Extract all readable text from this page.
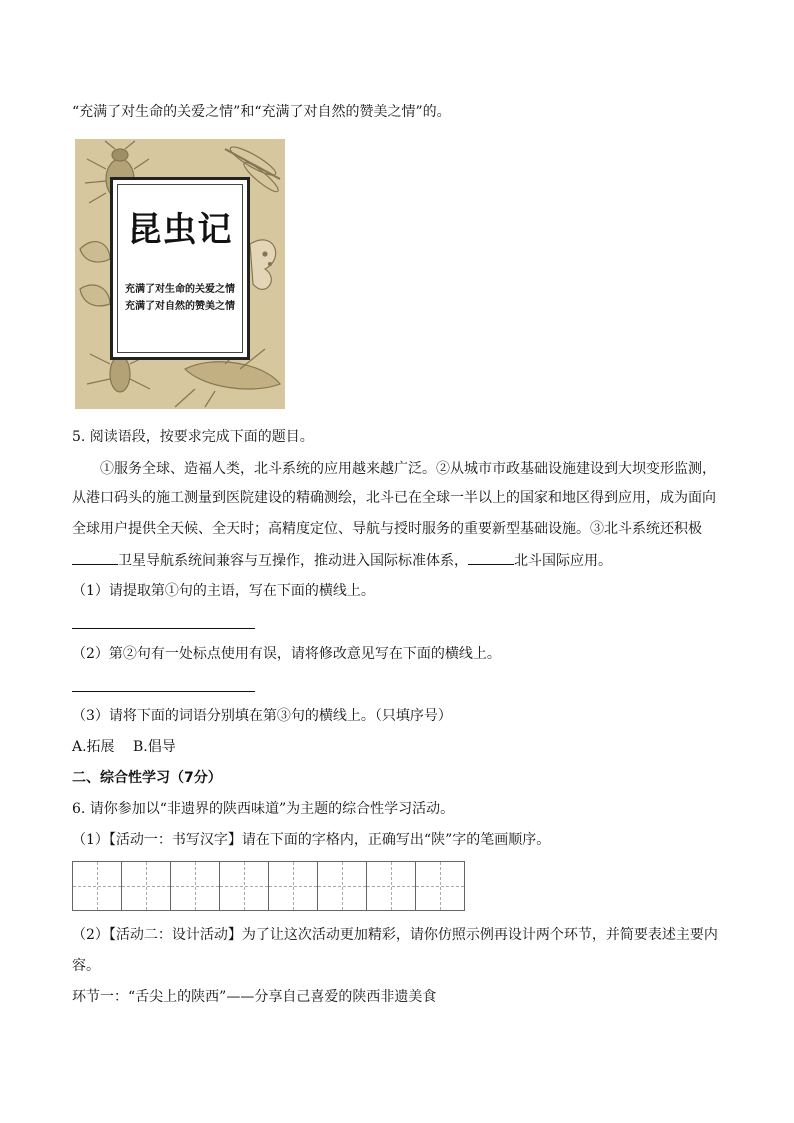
“充满了对生命的关爱之情”和“充满了对自然的赞美之情”的。
昆虫记
充满了对生命的关爱之情
充满了对自然的赞美之情
5. 阅读语段，按要求完成下面的题目。
①服务全球、造福人类，北斗系统的应用越来越广泛。②从城市市政基础设施建设到大坝变形监测，
从港口码头的施工测量到医院建设的精确测绘，北斗已在全球一半以上的国家和地区得到应用，成为面向
全球用户提供全天候、全天时；高精度定位、导航与授时服务的重要新型基础设施。③北斗系统还积极
卫星导航系统间兼容与互操作，推动进入国际标准体系，	北斗国际应用。
（1）请提取第①句的主语，写在下面的横线上。
（2）第②句有一处标点使用有误，请将修改意见写在下面的横线上。
（3）请将下面的词语分别填在第③句的横线上。（只填序号）
A.拓展　 B.倡导
二、综合性学习（7分）
6. 请你参加以“非遗界的陕西味道”为主题的综合性学习活动。
（1）【活动一：书写汉字】请在下面的字格内，正确写出“陕”字的笔画顺序。
（2）【活动二：设计活动】为了让这次活动更加精彩，请你仿照示例再设计两个环节，并简要表述主要内
容。
环节一：“舌尖上的陕西”——分享自己喜爱的陕西非遗美食
